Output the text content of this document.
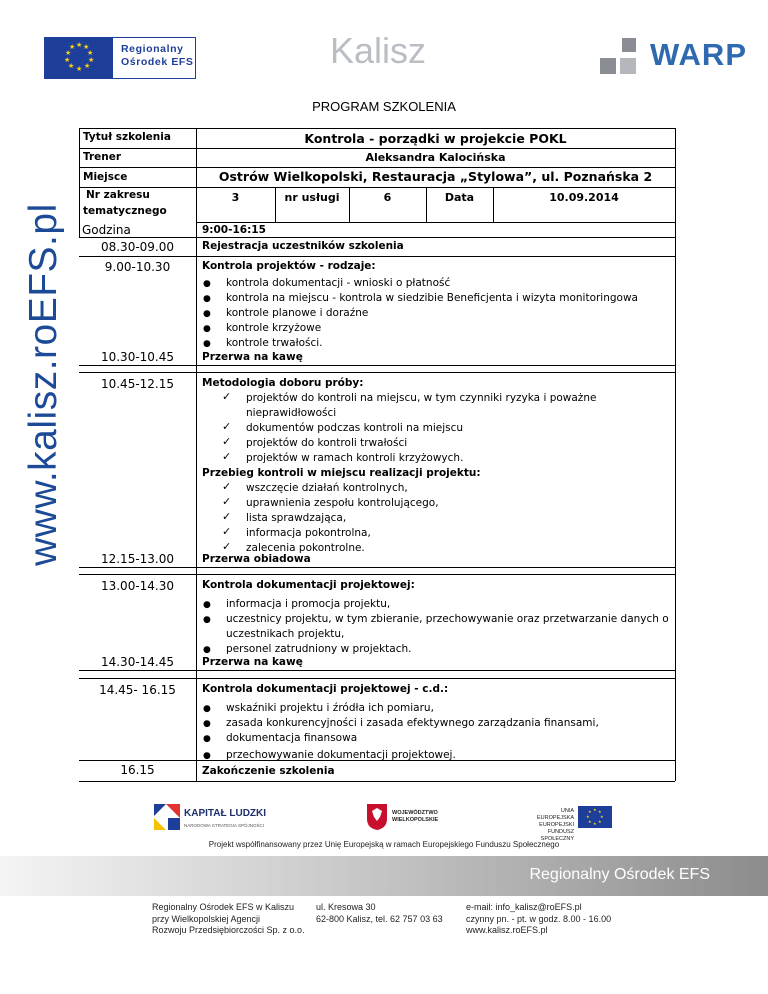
★ ★
★
★
★
★
★
★
★
★	Regionalny
Ośrodek EFS	Kalisz	WARP
www.kalisz.roEFS.pl
PROGRAM SZKOLENIA
Tytuł szkolenia	Kontrola - porządki w projekcie POKL
Trener	Aleksandra Kalocińska
Miejsce	Ostrów Wielkopolski, Restauracja „Stylowa”, ul. Poznańska 2
Nr zakresu
tematycznego
3	nr usługi	6	Data	10.09.2014
Godzina	9:00-16:15
08.30-09.00	Rejestracja uczestników szkolenia
9.00-10.30	Kontrola projektów - rodzaje:
● kontrola dokumentacji - wnioski o płatność
● kontrola na miejscu - kontrola w siedzibie Beneficjenta i wizyta monitoringowa
● kontrole planowe i doraźne
● kontrole krzyżowe
● kontrole trwałości.
10.30-10.45	Przerwa na kawę
10.45-12.15	Metodologia doboru próby:
✓ projektów do kontroli na miejscu, w tym czynniki ryzyka i poważne
nieprawidłowości
✓ dokumentów podczas kontroli na miejscu
✓ projektów do kontroli trwałości
✓ projektów w ramach kontroli krzyżowych.
Przebieg kontroli w miejscu realizacji projektu:
✓ wszczęcie działań kontrolnych,
✓ uprawnienia zespołu kontrolującego,
✓ lista sprawdzająca,
✓ informacja pokontrolna,
✓ zalecenia pokontrolne.
12.15-13.00	Przerwa obiadowa
13.00-14.30	Kontrola dokumentacji projektowej:
● informacja i promocja projektu,
● uczestnicy projektu, w tym zbieranie, przechowywanie oraz przetwarzanie danych o
uczestnikach projektu,
● personel zatrudniony w projektach.
14.30-14.45	Przerwa na kawę
14.45- 16.15	Kontrola dokumentacji projektowej - c.d.:
● wskaźniki projektu i źródła ich pomiaru,
● zasada konkurencyjności i zasada efektywnego zarządzania finansami,
● dokumentacja finansowa
● przechowywanie dokumentacji projektowej.
16.15	Zakończenie szkolenia
KAPITAŁ LUDZKI
NARODOWA STRATEGIA SPÓJNOŚCI
WOJEWÓDZTWO WIELKOPOLSKIE
UNIA EUROPEJSKA EUROPEJSKI FUNDUSZ SPOŁECZNY
★ ★
★
★
★
★
★
★
Projekt współfinansowany przez Unię Europejską w ramach Europejskiego Funduszu Społecznego
Regionalny Ośrodek EFS
Regionalny Ośrodek EFS w Kaliszu
przy Wielkopolskiej Agencji
Rozwoju Przedsiębiorczości Sp. z o.o.
ul. Kresowa 30
62-800 Kalisz, tel. 62 757 03 63
e-mail: info_kalisz@roEFS.pl
czynny pn. - pt. w godz. 8.00 - 16.00
www.kalisz.roEFS.pl
